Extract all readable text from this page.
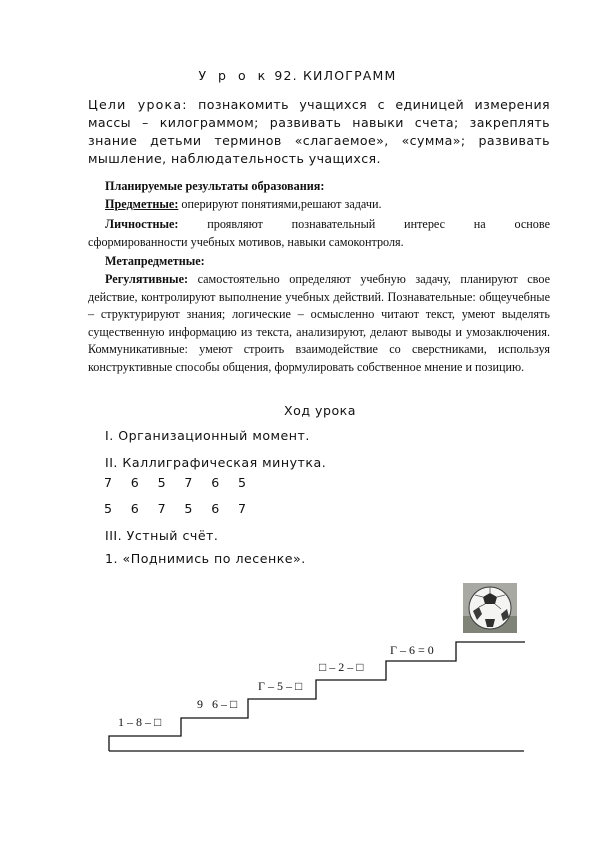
У р о к 92. КИЛОГРАММ
Цели урока: познакомить учащихся с единицей измерения массы – килограммом; развивать навыки счета; закреплять знание детьми терминов «слагаемое», «сумма»; развивать мышление, наблюдательность учащихся.
Планируемые результаты образования:
Предметные: оперируют понятиями,решают задачи.
Личностные: проявляют познавательный интерес на основе
сформированности учебных мотивов, навыки самоконтроля.
Метапредметные:
Регулятивные: самостоятельно определяют учебную задачу, планируют свое действие, контролируют выполнение учебных действий. Познавательные: общеучебные – структурируют знания; логические – осмысленно читают текст, умеют выделять существенную информацию из текста, анализируют, делают выводы и умозаключения. Коммуникативные: умеют строить взаимодействие со сверстниками, используя конструктивные способы общения, формулировать собственное мнение и позицию.
Ход урока
I. Организационный момент.
II. Каллиграфическая минутка.
7 6 5 7 6 5
5 6 7 5 6 7
III. Устный счёт.
1. «Поднимись по лесенке».
1 – 8 – □
9   6 – □
Г – 5 – □
□ – 2 – □
Г – 6 = 0
